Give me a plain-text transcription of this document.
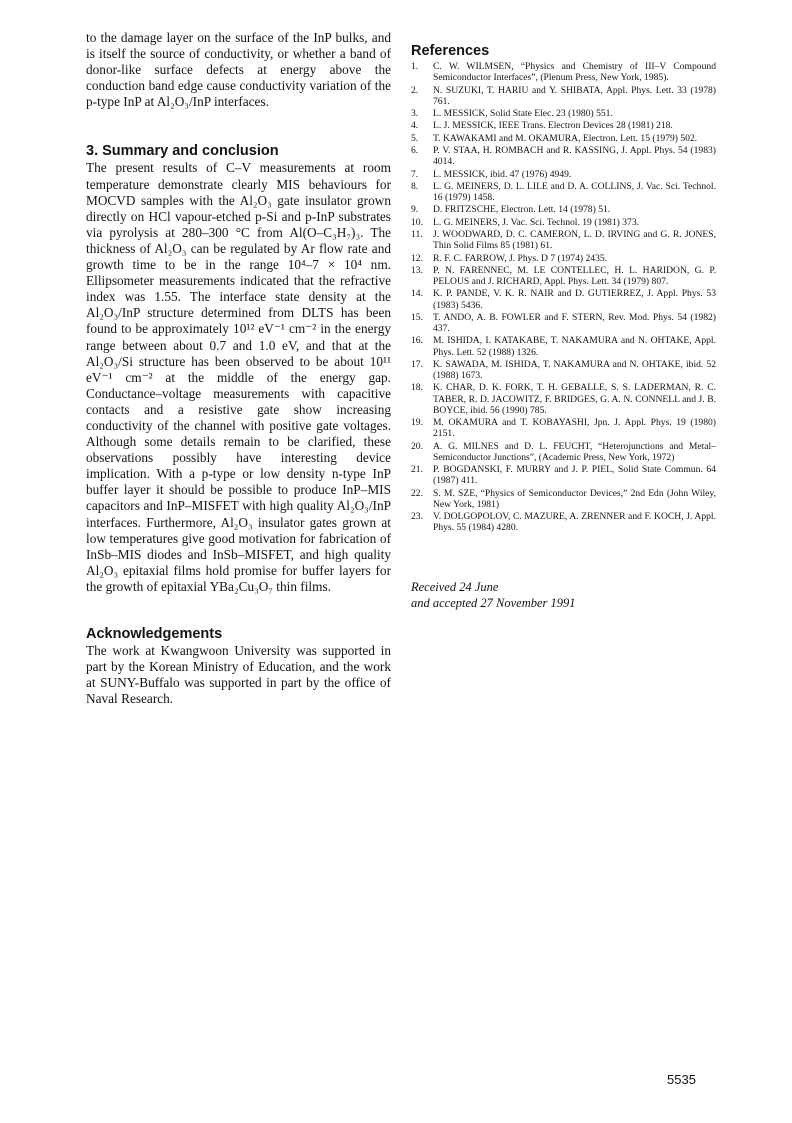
to the damage layer on the surface of the InP bulks, and is itself the source of conductivity, or whether a band of donor-like surface defects at energy above the conduction band edge cause conductivity variation of the p-type InP at Al₂O₃/InP interfaces.

3. Summary and conclusion

The present results of C–V measurements at room temperature demonstrate clearly MIS behaviours for MOCVD samples with the Al₂O₃ gate insulator grown directly on HCl vapour-etched p-Si and p-InP substrates via pyrolysis at 280–300 °C from Al(O–C₃H₇)₃. The thickness of Al₂O₃ can be regulated by Ar flow rate and growth time to be in the range 10⁴–7 × 10⁴ nm. Ellipsometer measurements indicated that the refractive index was 1.55. The interface state density at the Al₂O₃/InP structure determined from DLTS has been found to be approximately 10¹² eV⁻¹ cm⁻² in the energy range between about 0.7 and 1.0 eV, and that at the Al₂O₃/Si structure has been observed to be about 10¹¹ eV⁻¹ cm⁻² at the middle of the energy gap. Conductance–voltage measurements with capacitive contacts and a resistive gate show increasing conductivity of the channel with positive gate voltages. Although some details remain to be clarified, these observations possibly have interesting device implication. With a p-type or low density n-type InP buffer layer it should be possible to produce InP–MIS capacitors and InP–MISFET with high quality Al₂O₃/InP interfaces. Furthermore, Al₂O₃ insulator gates grown at low temperatures give good motivation for fabrication of InSb–MIS diodes and InSb–MISFET, and high quality Al₂O₃ epitaxial films hold promise for buffer layers for the growth of epitaxial YBa₂Cu₃O₇ thin films.

Acknowledgements

The work at Kwangwoon University was supported in part by the Korean Ministry of Education, and the work at SUNY-Buffalo was supported in part by the office of Naval Research.

References
1.	C. W. WILMSEN, “Physics and Chemistry of III–V Compound Semiconductor Interfaces”, (Plenum Press, New York, 1985).
2.	N. SUZUKI, T. HARIU and Y. SHIBATA, Appl. Phys. Lett. 33 (1978) 761.
3.	L. MESSICK, Solid State Elec. 23 (1980) 551.
4.	L. J. MESSICK, IEEE Trans. Electron Devices 28 (1981) 218.
5.	T. KAWAKAMI and M. OKAMURA, Electron. Lett. 15 (1979) 502.
6.	P. V. STAA, H. ROMBACH and R. KASSING, J. Appl. Phys. 54 (1983) 4014.
7.	L. MESSICK, ibid. 47 (1976) 4949.
8.	L. G. MEINERS, D. L. LILE and D. A. COLLINS, J. Vac. Sci. Technol. 16 (1979) 1458.
9.	D. FRITZSCHE, Electron. Lett. 14 (1978) 51.
10.	L. G. MEINERS, J. Vac. Sci. Technol. 19 (1981) 373.
11.	J. WOODWARD, D. C. CAMERON, L. D. IRVING and G. R. JONES, Thin Solid Films 85 (1981) 61.
12.	R. F. C. FARROW, J. Phys. D 7 (1974) 2435.
13.	P. N. FARENNEC, M. LE CONTELLEC, H. L. HARIDON, G. P. PELOUS and J. RICHARD, Appl. Phys. Lett. 34 (1979) 807.
14.	K. P. PANDE, V. K. R. NAIR and D. GUTIERREZ, J. Appl. Phys. 53 (1983) 5436.
15.	T. ANDO, A. B. FOWLER and F. STERN, Rev. Mod. Phys. 54 (1982) 437.
16.	M. ISHIDA, I. KATAKABE, T. NAKAMURA and N. OHTAKE, Appl. Phys. Lett. 52 (1988) 1326.
17.	K. SAWADA, M. ISHIDA, T. NAKAMURA and N. OHTAKE, ibid. 52 (1988) 1673.
18.	K. CHAR, D. K. FORK, T. H. GEBALLE, S. S. LADERMAN, R. C. TABER, R. D. JACOWITZ, F. BRIDGES, G. A. N. CONNELL and J. B. BOYCE, ibid. 56 (1990) 785.
19.	M. OKAMURA and T. KOBAYASHI, Jpn. J. Appl. Phys. 19 (1980) 2151.
20.	A. G. MILNES and D. L. FEUCHT, “Heterojunctions and Metal–Semiconductor Junctions”, (Academic Press, New York, 1972)
21.	P. BOGDANSKI, F. MURRY and J. P. PIEL, Solid State Commun. 64 (1987) 411.
22.	S. M. SZE, “Physics of Semiconductor Devices,” 2nd Edn (John Wiley, New York, 1981)
23.	V. DOLGOPOLOV, C. MAZURE, A. ZRENNER and F. KOCH, J. Appl. Phys. 55 (1984) 4280.
Received 24 June
and accepted 27 November 1991
5535
